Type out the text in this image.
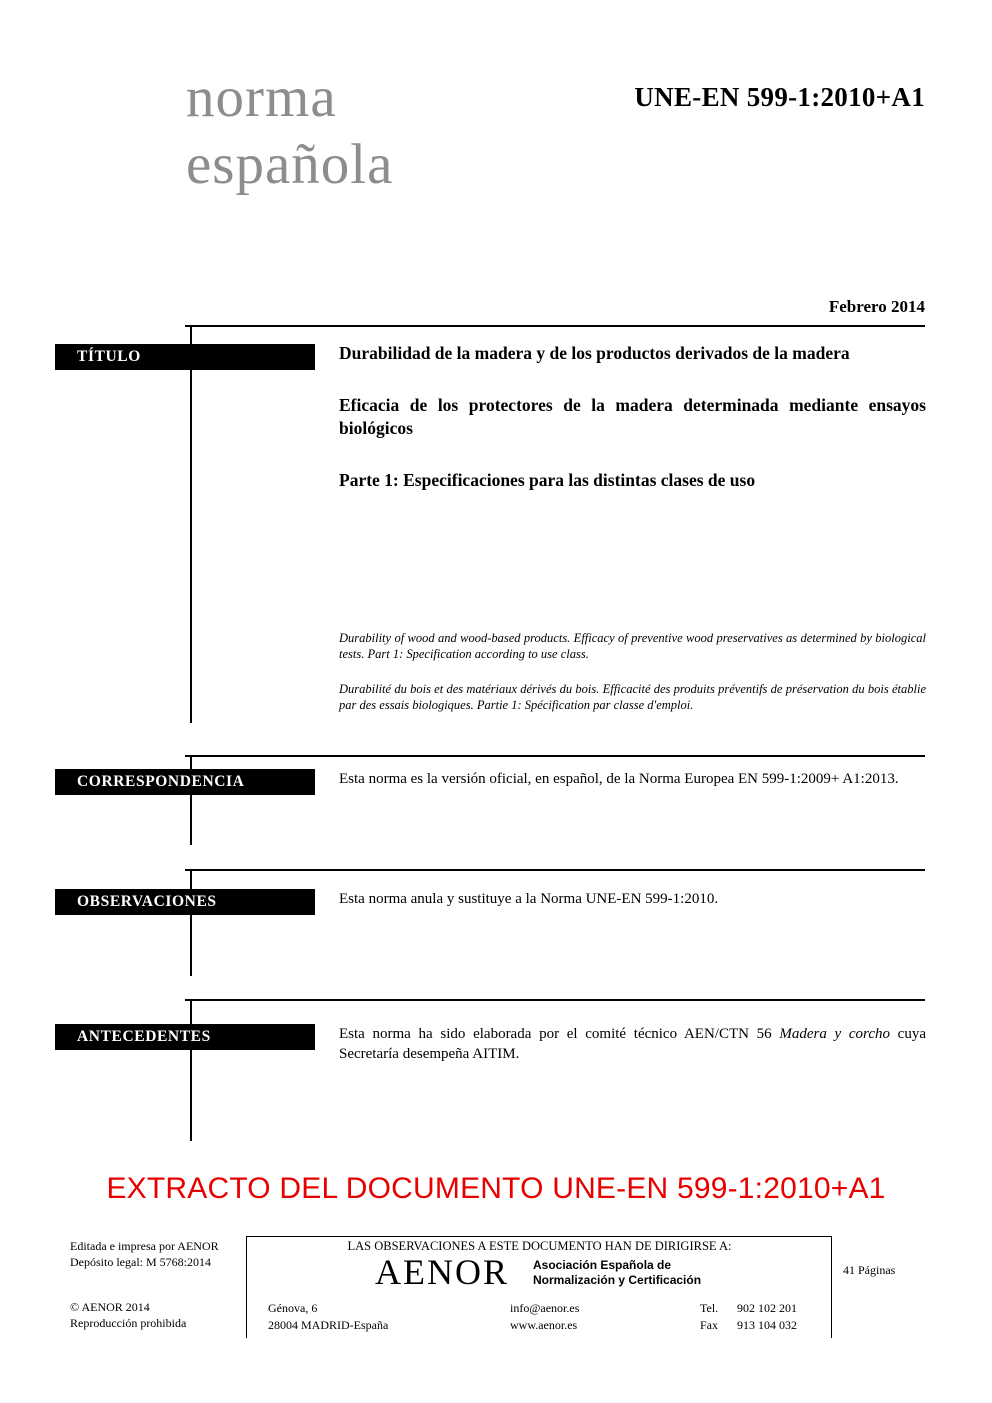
norma
española
UNE-EN 599-1:2010+A1
Febrero 2014
TÍTULO	Durabilidad de la madera y de los productos derivados de la madera

Eficacia de los protectores de la madera determinada mediante ensayos biológicos

Parte 1: Especificaciones para las distintas clases de uso

Durability of wood and wood-based products. Efficacy of preventive wood preservatives as determined by biological tests. Part 1: Specification according to use class.
Durabilité du bois et des matériaux dérivés du bois. Efficacité des produits préventifs de préservation du bois établie par des essais biologiques. Partie 1: Spécification par classe d'emploi.
CORRESPONDENCIA	Esta norma es la versión oficial, en español, de la Norma Europea EN 599-1:2009+ A1:2013.
OBSERVACIONES	Esta norma anula y sustituye a la Norma UNE-EN 599-1:2010.
ANTECEDENTES	Esta norma ha sido elaborada por el comité técnico AEN/CTN 56 Madera y corcho cuya Secretaría desempeña AITIM.
EXTRACTO DEL DOCUMENTO UNE-EN 599-1:2010+A1
Editada e impresa por AENOR
Depósito legal: M 5768:2014
© AENOR 2014
Reproducción prohibida
LAS OBSERVACIONES A ESTE DOCUMENTO HAN DE DIRIGIRSE A:
AENOR Asociación Española de
Normalización y Certificación
Génova, 6
28004 MADRID-España
info@aenor.es
www.aenor.es
Tel. 902 102 201
Fax 913 104 032
41 Páginas
